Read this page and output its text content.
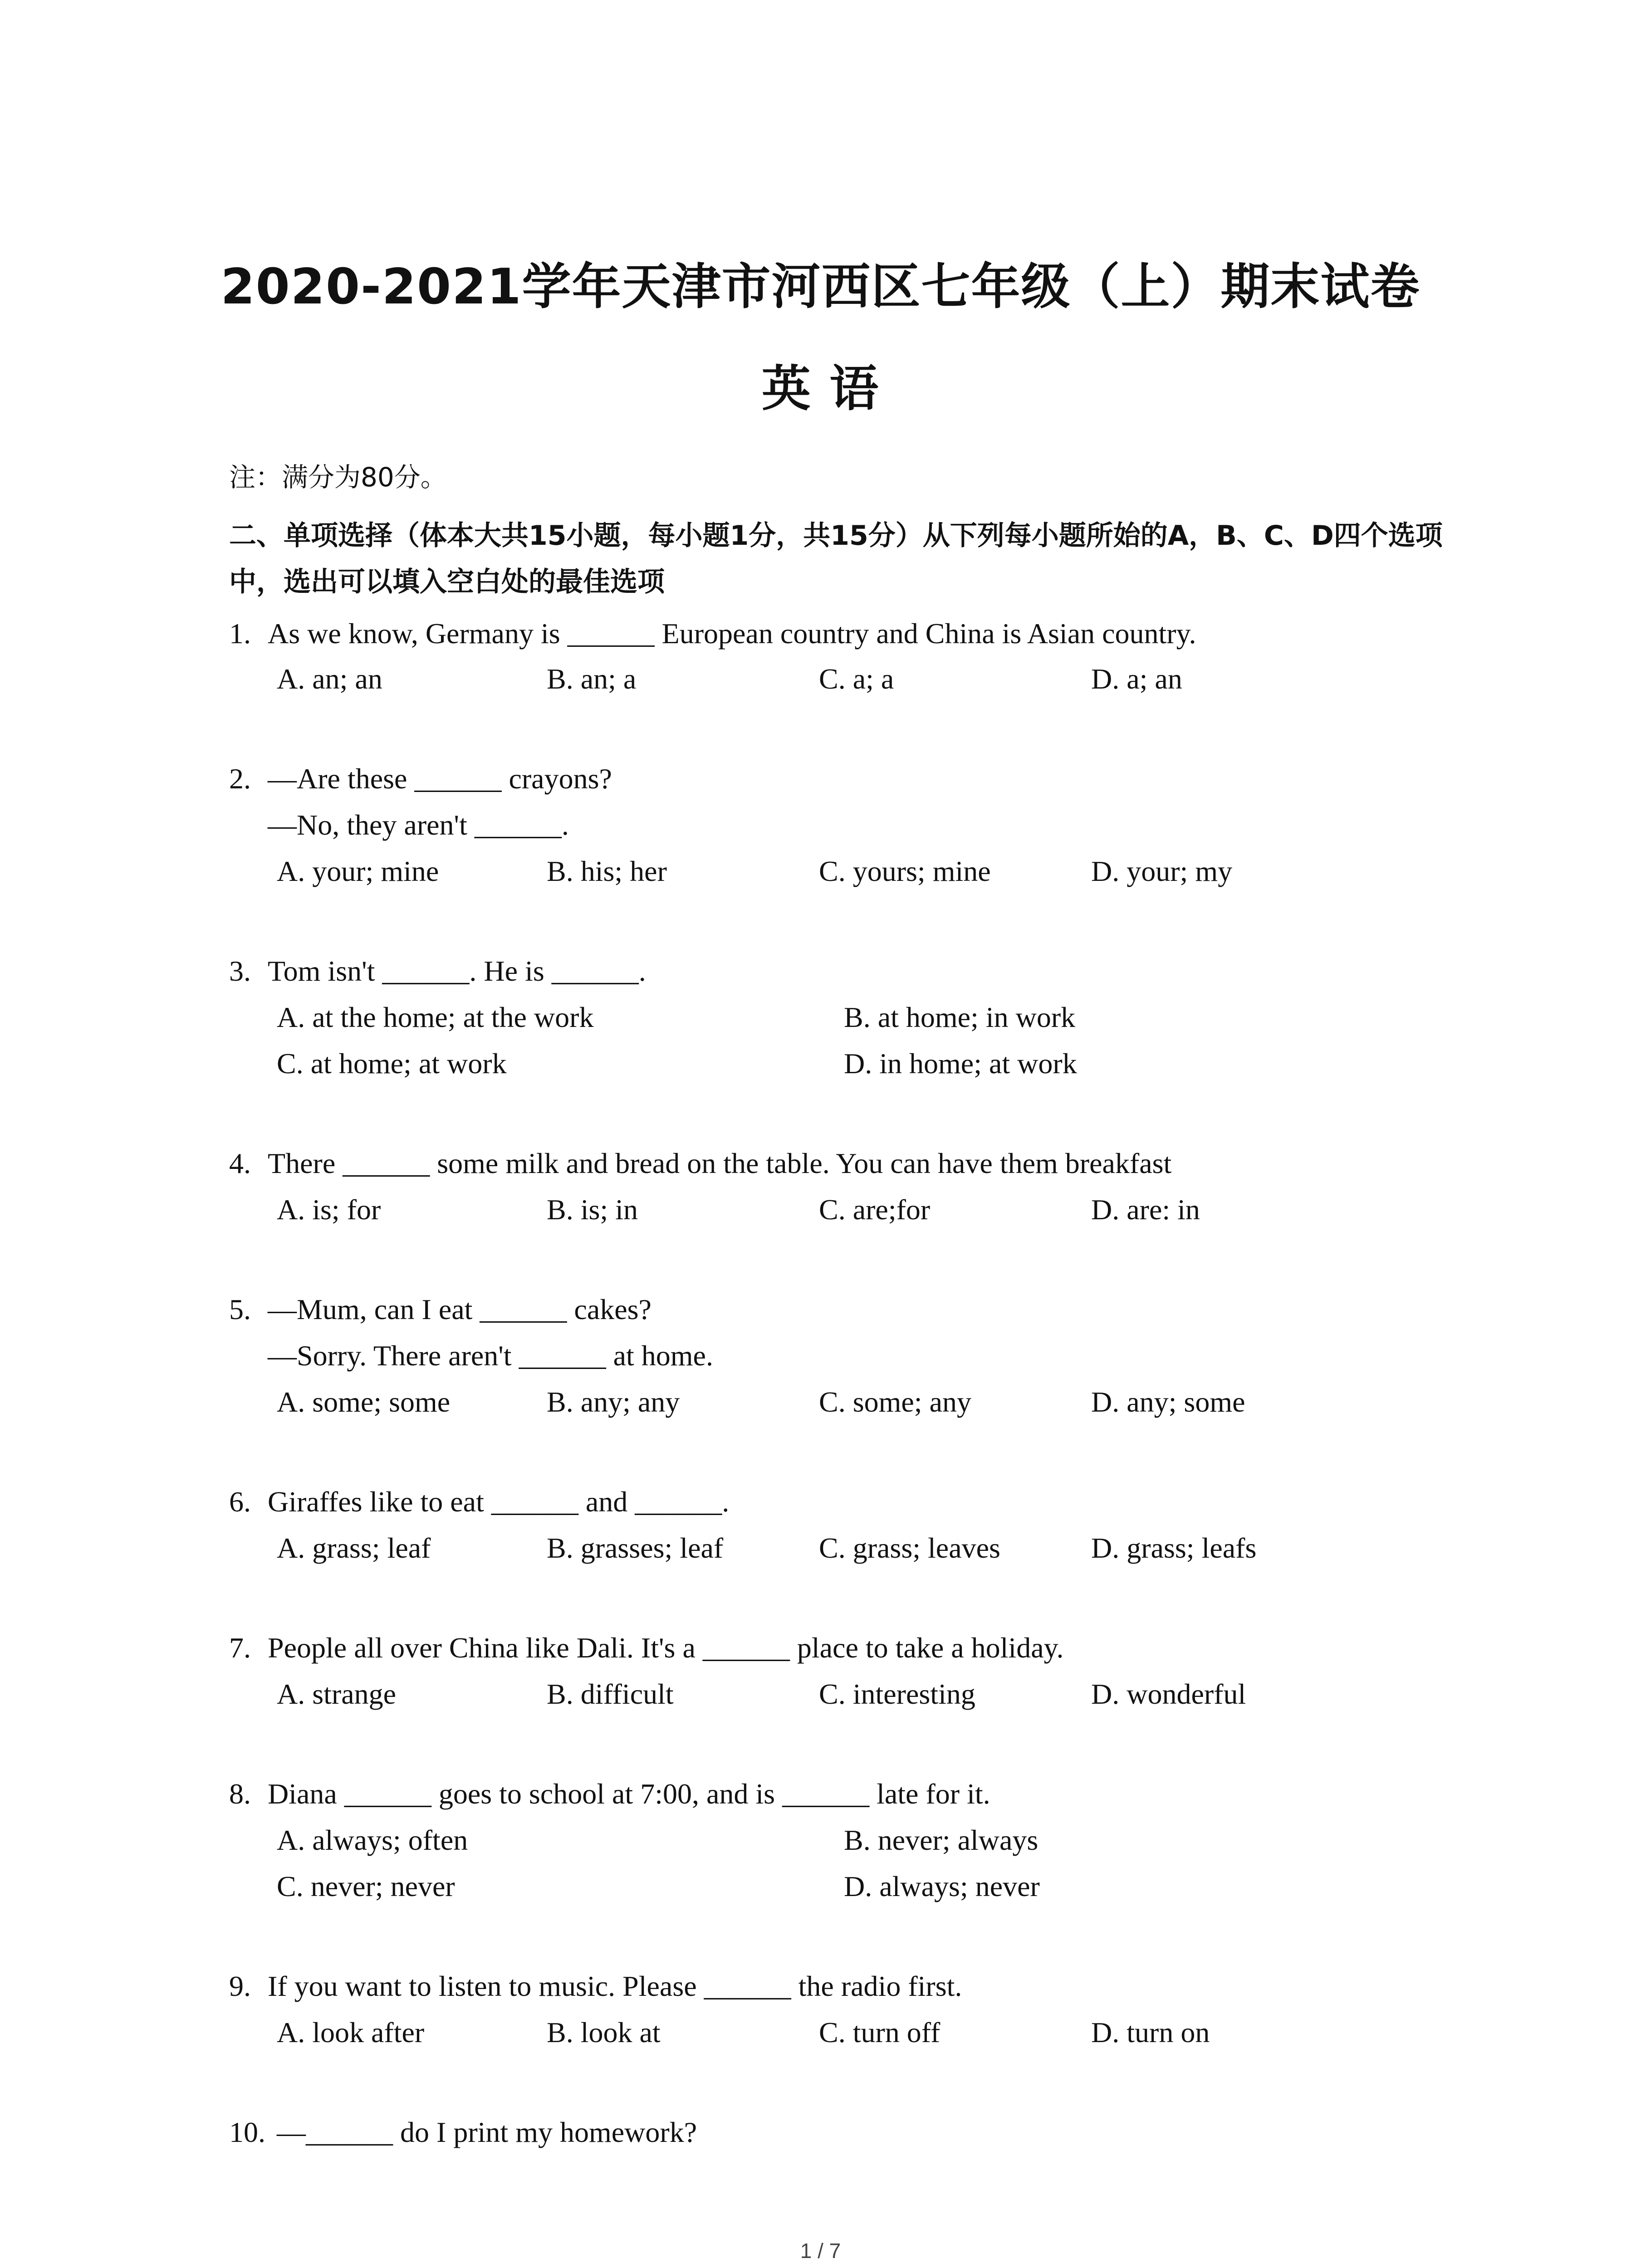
2020-2021学年天津市河西区七年级（上）期末试卷
英 语
注：满分为80分。
二、单项选择（体本大共15小题，每小题1分，共15分）从下列每小题所始的A，B、C、D四个选项中，选出可以填入空白处的最佳选项
1. As we know, Germany is ______ European country and China is Asian country.
A. an; an	B. an; a	C. a; a	D. a; an
2. —Are these ______ crayons?
—No, they aren't ______.
A. your; mine	B. his; her	C. yours; mine	D. your; my
3. Tom isn't ______. He is ______.
A. at the home; at the work	B. at home; in work
C. at home; at work	D. in home; at work
4. There ______ some milk and bread on the table. You can have them breakfast
A. is; for	B. is; in	C. are;for	D. are: in
5. —Mum, can I eat ______ cakes?
—Sorry. There aren't ______ at home.
A. some; some	B. any; any	C. some; any	D. any; some
6. Giraffes like to eat ______ and ______.
A. grass; leaf	B. grasses; leaf	C. grass; leaves	D. grass; leafs
7. People all over China like Dali. It's a ______ place to take a holiday.
A. strange	B. difficult	C. interesting	D. wonderful
8. Diana ______ goes to school at 7:00, and is ______ late for it.
A. always; often	B. never; always
C. never; never	D. always; never
9. If you want to listen to music. Please ______ the radio first.
A. look after	B. look at	C. turn off	D. turn on
10. —______ do I print my homework?
1 / 7
